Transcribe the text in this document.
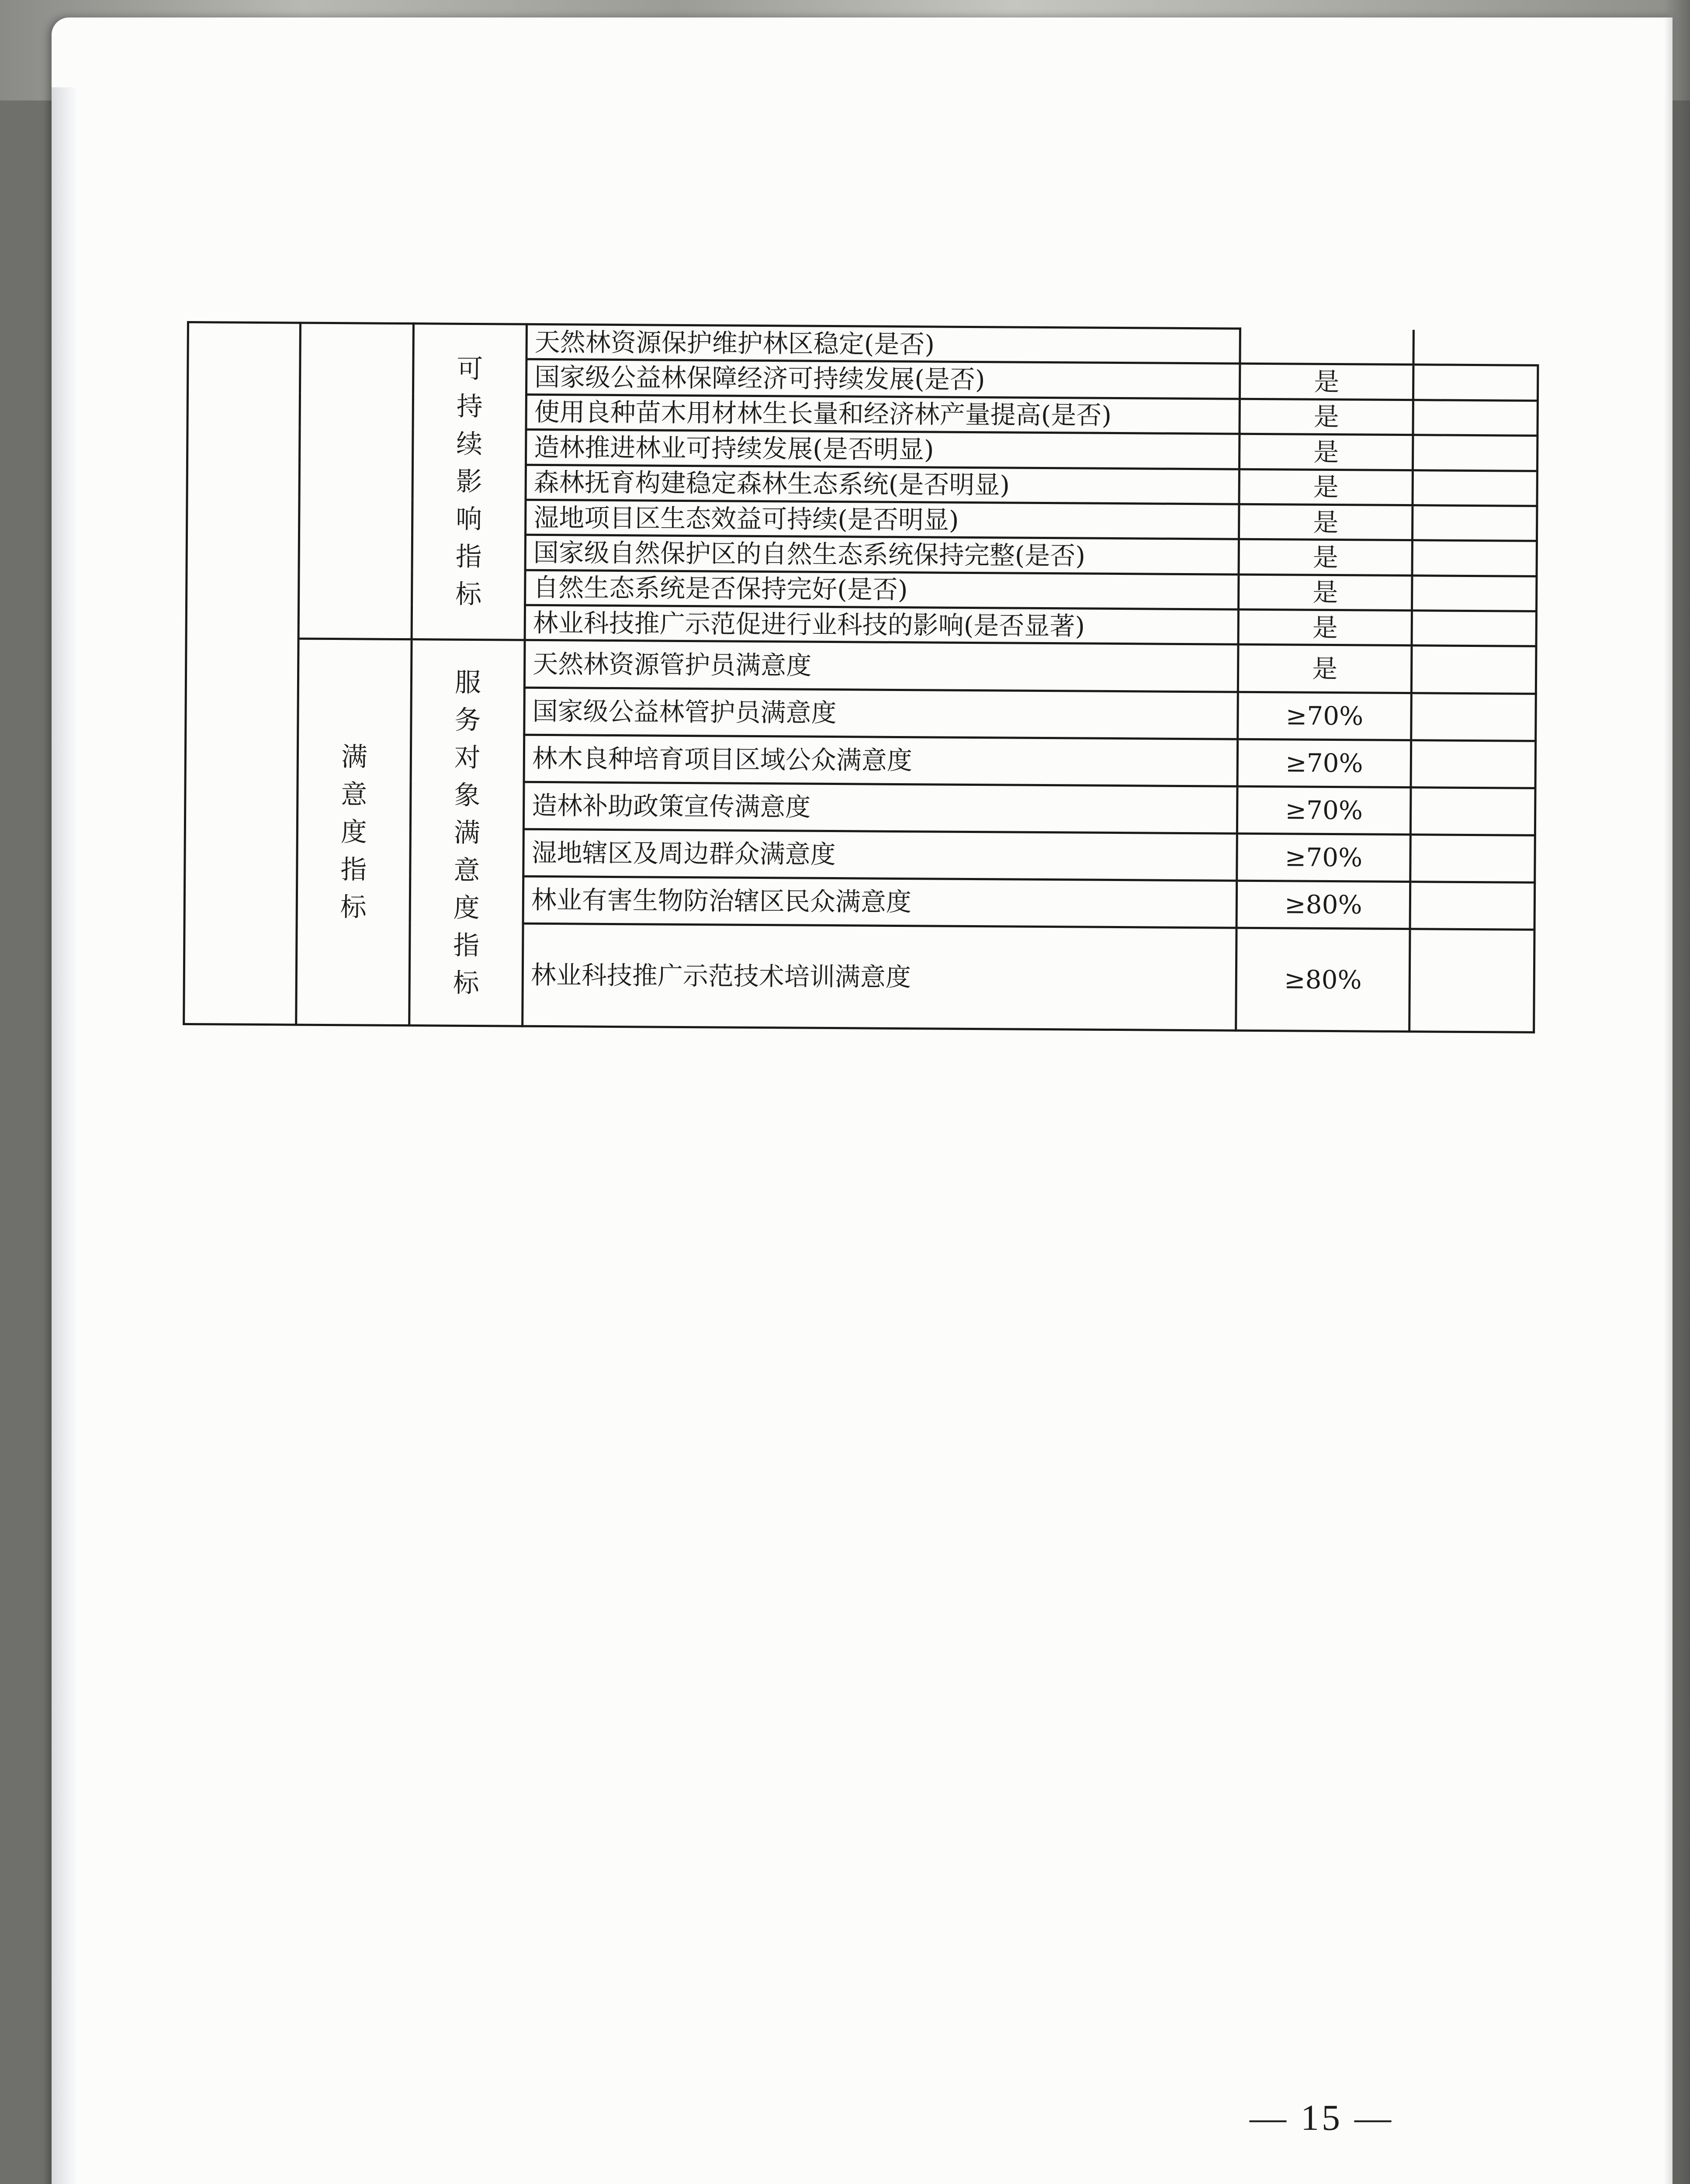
		可持续影响指标	天然林资源保护维护林区稳定(是否)		
			国家级公益林保障经济可持续发展(是否)	是	
			使用良种苗木用材林生长量和经济林产量提高(是否)	是	
			造林推进林业可持续发展(是否明显)	是	
			森林抚育构建稳定森林生态系统(是否明显)	是	
			湿地项目区生态效益可持续(是否明显)	是	
			国家级自然保护区的自然生态系统保持完整(是否)	是	
			自然生态系统是否保持完好(是否)	是	
			林业科技推广示范促进行业科技的影响(是否显著)	是	
	满意度指标	服务对象满意度指标	天然林资源管护员满意度	是	
			国家级公益林管护员满意度	≥70%	
			林木良种培育项目区域公众满意度	≥70%	
			造林补助政策宣传满意度	≥70%	
			湿地辖区及周边群众满意度	≥70%	
			林业有害生物防治辖区民众满意度	≥80%	
			林业科技推广示范技术培训满意度	≥80%	
— 15 —
